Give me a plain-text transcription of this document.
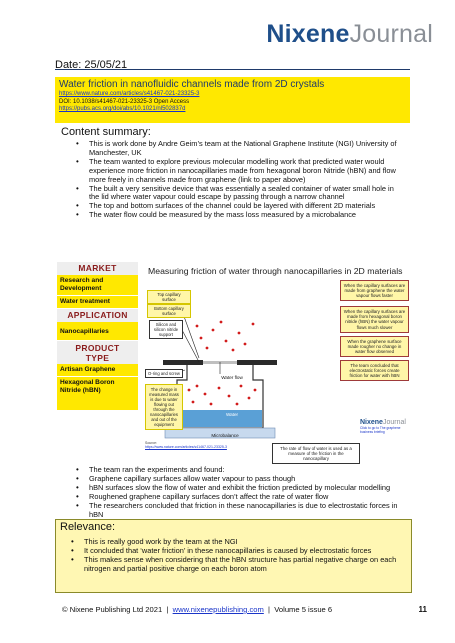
NixeneJournal
Date: 25/05/21
Water friction in nanofluidic channels made from 2D crystals
https://www.nature.com/articles/s41467-021-23325-3
DOI: 10.1038/s41467-021-23325-3 Open Access
https://pubs.acs.org/doi/abs/10.1021/nl502837d
Content summary:
• This is work done by Andre Geim’s team at the National Graphene Institute (NGI) University of Manchester, UK
• The team wanted to explore previous molecular modelling work that predicted water would experience more friction in nanocapillaries made from hexagonal boron Nitride (hBN) and flow more freely in channels made from graphene (link to paper above)
• The built a very sensitive device that was essentially a sealed container of water small hole in the lid where water vapour could escape by passing through a narrow channel
• The top and bottom surfaces of the channel could be layered with different 2D materials
• The water flow could be measured by the mass loss measured by a microbalance
MARKET
Research and Development
Water treatment
APPLICATION
Nanocapillaries
PRODUCT
TYPE
Artisan Graphene
Hexagonal Boron Nitride (hBN)
Measuring friction of water through nanocapillaries in 2D materials
Top capillary surface
Bottom capillary surface
Silicon and silicon nitride support
O-ring and screw
The change in measured mass is due to water flowing out through the nanocapillaries and out of the equipment
Water flow
Water
Microbalance
The rate of flow of water is used as a measure of the friction in the nanocapillary
When the capillary surfaces are made from graphene the water vapour flows faster
When the capillary surfaces are made from hexagonal boron nitride (hBN) the water vapour flows much slower
When the graphene surface made rougher no change in water flow observed
The team concluded that electrostatic forces create friction for water with hBN
Source:
https://www.nature.com/articles/s41467-021-23325-3
NixeneJournal
Click to go to The graphene business briefing
• The team ran the experiments and found:
• Graphene capillary surfaces allow water vapour to pass though
• hBN surfaces slow the flow of water and exhibit the friction predicted by molecular modelling
• Roughened graphene capillary surfaces don’t affect the rate of water flow
• The researchers concluded that friction in these nanocapillaries is due to electrostatic forces in hBN
Relevance:
• This is really good work by the team at the NGI
• It concluded that ‘water friction’ in these nanocapillaries is caused by electrostatic forces
• This makes sense when considering that the hBN structure has partial negative charge on each nitrogen and partial positive charge on each boron atom
© Nixene Publishing Ltd 2021  |  www.nixenepublishing.com  |  Volume 5 issue 6	11
